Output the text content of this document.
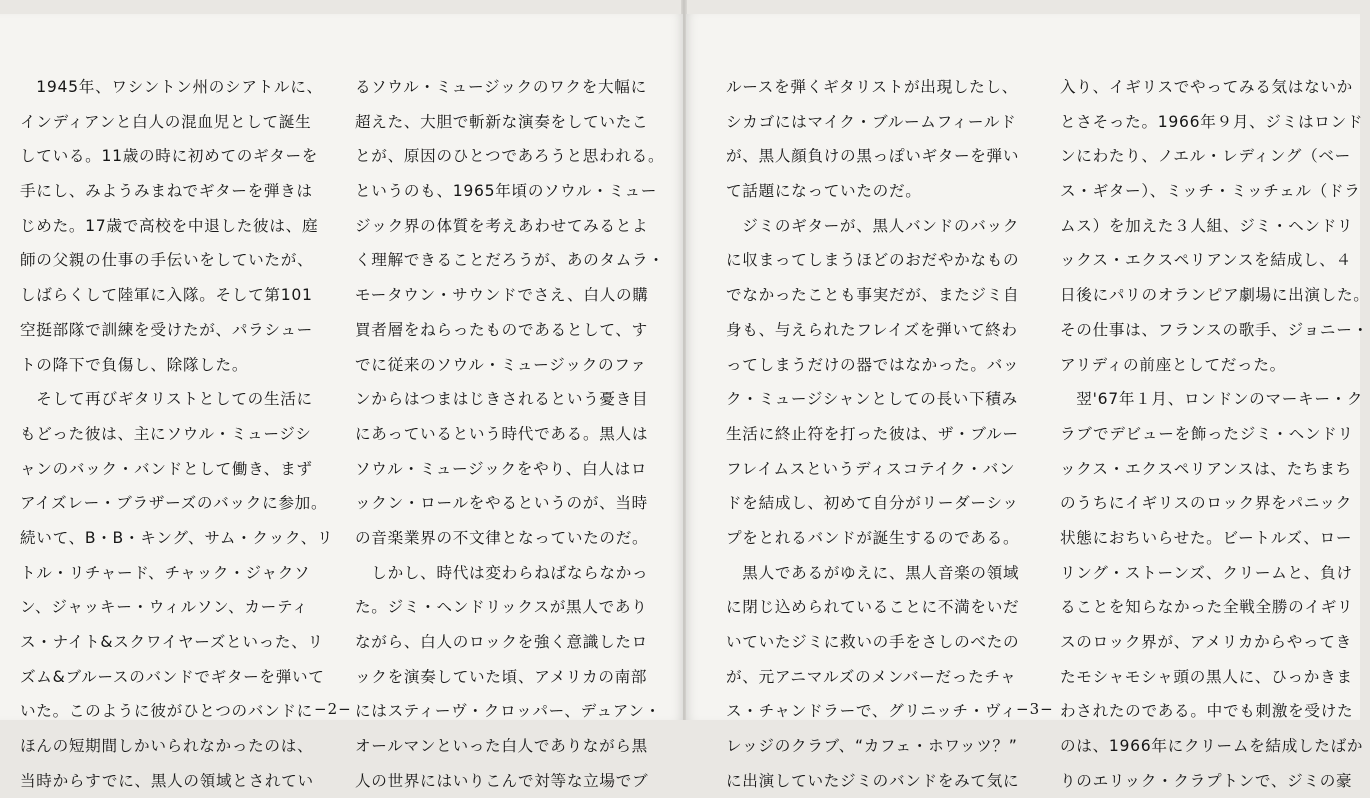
　1945年、ワシントン州のシアトルに、
インディアンと白人の混血児として誕生
している。11歳の時に初めてのギターを
手にし、みようみまねでギターを弾きは
じめた。17歳で高校を中退した彼は、庭
師の父親の仕事の手伝いをしていたが、
しばらくして陸軍に入隊。そして第101
空挺部隊で訓練を受けたが、パラシュー
トの降下で負傷し、除隊した。
　そして再びギタリストとしての生活に
もどった彼は、主にソウル・ミュージシ
ャンのバック・バンドとして働き、まず
アイズレー・ブラザーズのバックに参加。
続いて、B・B・キング、サム・クック、リ
トル・リチャード、チャック・ジャクソ
ン、ジャッキー・ウィルソン、カーティ
ス・ナイト&スクワイヤーズといった、リ
ズム&ブルースのバンドでギターを弾いて
いた。このように彼がひとつのバンドに
ほんの短期間しかいられなかったのは、
当時からすでに、黒人の領域とされてい
るソウル・ミュージックのワクを大幅に
超えた、大胆で斬新な演奏をしていたこ
とが、原因のひとつであろうと思われる。
というのも、1965年頃のソウル・ミュー
ジック界の体質を考えあわせてみるとよ
く理解できることだろうが、あのタムラ・
モータウン・サウンドでさえ、白人の購
買者層をねらったものであるとして、す
でに従来のソウル・ミュージックのファ
ンからはつまはじきされるという憂き目
にあっているという時代である。黒人は
ソウル・ミュージックをやり、白人はロ
ックン・ロールをやるというのが、当時
の音楽業界の不文律となっていたのだ。
　しかし、時代は変わらねばならなかっ
た。ジミ・ヘンドリックスが黒人であり
ながら、白人のロックを強く意識したロ
ックを演奏していた頃、アメリカの南部
にはスティーヴ・クロッパー、デュアン・
オールマンといった白人でありながら黒
人の世界にはいりこんで対等な立場でブ
−2−
ルースを弾くギタリストが出現したし、
シカゴにはマイク・ブルームフィールド
が、黒人顔負けの黒っぽいギターを弾い
て話題になっていたのだ。
　ジミのギターが、黒人バンドのバック
に収まってしまうほどのおだやかなもの
でなかったことも事実だが、またジミ自
身も、与えられたフレイズを弾いて終わ
ってしまうだけの器ではなかった。バッ
ク・ミュージシャンとしての長い下積み
生活に終止符を打った彼は、ザ・ブルー
フレイムスというディスコテイク・バン
ドを結成し、初めて自分がリーダーシッ
プをとれるバンドが誕生するのである。
　黒人であるがゆえに、黒人音楽の領域
に閉じ込められていることに不満をいだ
いていたジミに救いの手をさしのべたの
が、元アニマルズのメンバーだったチャ
ス・チャンドラーで、グリニッチ・ヴィ
レッジのクラブ、“カフェ・ホワッツ？”
に出演していたジミのバンドをみて気に
入り、イギリスでやってみる気はないか
とさそった。1966年９月、ジミはロンド
ンにわたり、ノエル・レディング（ベー
ス・ギター）、ミッチ・ミッチェル（ドラ
ムス）を加えた３人組、ジミ・ヘンドリ
ックス・エクスペリアンスを結成し、４
日後にパリのオランピア劇場に出演した。
その仕事は、フランスの歌手、ジョニー・
アリディの前座としてだった。
　翌'67年１月、ロンドンのマーキー・ク
ラブでデビューを飾ったジミ・ヘンドリ
ックス・エクスペリアンスは、たちまち
のうちにイギリスのロック界をパニック
状態におちいらせた。ビートルズ、ロー
リング・ストーンズ、クリームと、負け
ることを知らなかった全戦全勝のイギリ
スのロック界が、アメリカからやってき
たモシャモシャ頭の黒人に、ひっかきま
わされたのである。中でも刺激を受けた
のは、1966年にクリームを結成したばか
りのエリック・クラプトンで、ジミの豪
−3−
